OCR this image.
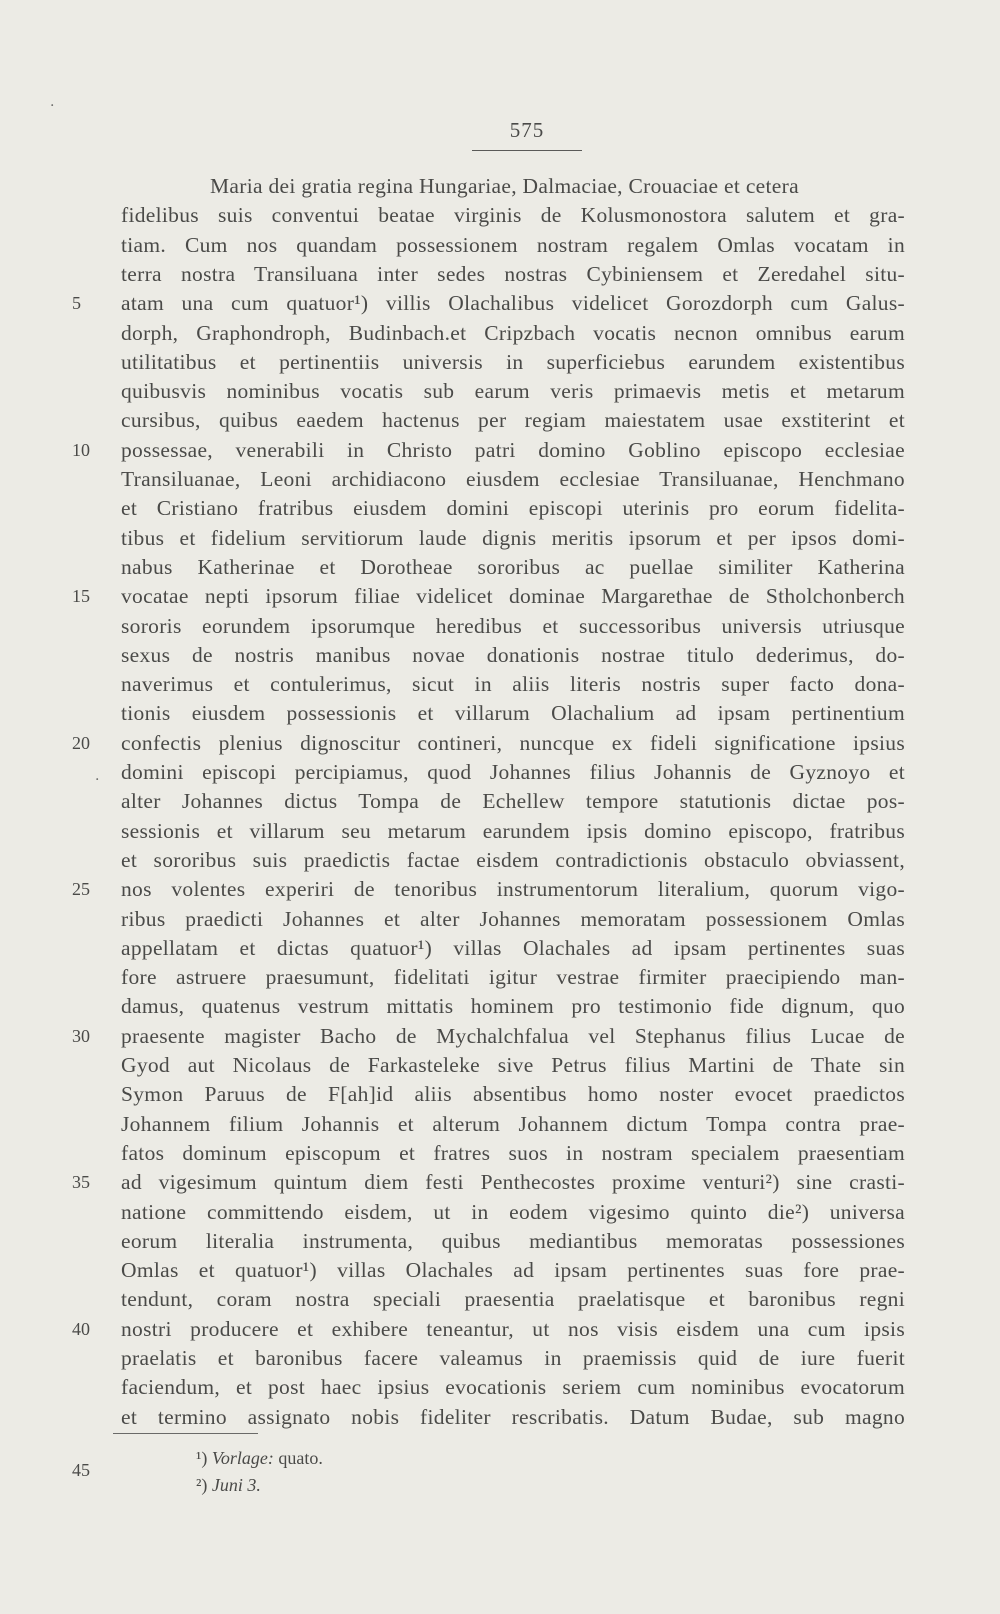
575
·
·
Maria dei gratia regina Hungariae, Dalmaciae, Crouaciae et cetera
fidelibus suis conventui beatae virginis de Kolusmonostora salutem et gra-
tiam. Cum nos quandam possessionem nostram regalem Omlas vocatam in
terra nostra Transiluana inter sedes nostras Cybiniensem et Zeredahel situ-
atam una cum quatuor¹) villis Olachalibus videlicet Gorozdorph cum Galus-
5
dorph, Graphondroph, Budinbach.et Cripzbach vocatis necnon omnibus earum
utilitatibus et pertinentiis universis in superficiebus earundem existentibus
quibusvis nominibus vocatis sub earum veris primaevis metis et metarum
cursibus, quibus eaedem hactenus per regiam maiestatem usae exstiterint et
possessae, venerabili in Christo patri domino Goblino episcopo ecclesiae
10
Transiluanae, Leoni archidiacono eiusdem ecclesiae Transiluanae, Henchmano
et Cristiano fratribus eiusdem domini episcopi uterinis pro eorum fidelita-
tibus et fidelium servitiorum laude dignis meritis ipsorum et per ipsos domi-
nabus Katherinae et Dorotheae sororibus ac puellae similiter Katherina
vocatae nepti ipsorum filiae videlicet dominae Margarethae de Stholchonberch
15
sororis eorundem ipsorumque heredibus et successoribus universis utriusque
sexus de nostris manibus novae donationis nostrae titulo dederimus, do-
naverimus et contulerimus, sicut in aliis literis nostris super facto dona-
tionis eiusdem possessionis et villarum Olachalium ad ipsam pertinentium
confectis plenius dignoscitur contineri, nuncque ex fideli significatione ipsius
20
domini episcopi percipiamus, quod Johannes filius Johannis de Gyznoyo et
alter Johannes dictus Tompa de Echellew tempore statutionis dictae pos-
sessionis et villarum seu metarum earundem ipsis domino episcopo, fratribus
et sororibus suis praedictis factae eisdem contradictionis obstaculo obviassent,
nos volentes experiri de tenoribus instrumentorum literalium, quorum vigo-
25
ribus praedicti Johannes et alter Johannes memoratam possessionem Omlas
appellatam et dictas quatuor¹) villas Olachales ad ipsam pertinentes suas
fore astruere praesumunt, fidelitati igitur vestrae firmiter praecipiendo man-
damus, quatenus vestrum mittatis hominem pro testimonio fide dignum, quo
praesente magister Bacho de Mychalchfalua vel Stephanus filius Lucae de
30
Gyod aut Nicolaus de Farkasteleke sive Petrus filius Martini de Thate sin
Symon Paruus de F[ah]id aliis absentibus homo noster evocet praedictos
Johannem filium Johannis et alterum Johannem dictum Tompa contra prae-
fatos dominum episcopum et fratres suos in nostram specialem praesentiam
ad vigesimum quintum diem festi Penthecostes proxime venturi²) sine crasti-
35
natione committendo eisdem, ut in eodem vigesimo quinto die²) universa
eorum literalia instrumenta, quibus mediantibus memoratas possessiones
Omlas et quatuor¹) villas Olachales ad ipsam pertinentes suas fore prae-
tendunt, coram nostra speciali praesentia praelatisque et baronibus regni
nostri producere et exhibere teneantur, ut nos visis eisdem una cum ipsis
40
praelatis et baronibus facere valeamus in praemissis quid de iure fuerit
faciendum, et post haec ipsius evocationis seriem cum nominibus evocatorum
et termino assignato nobis fideliter rescribatis. Datum Budae, sub magno
¹) Vorlage: quato.
²) Juni 3.
45
